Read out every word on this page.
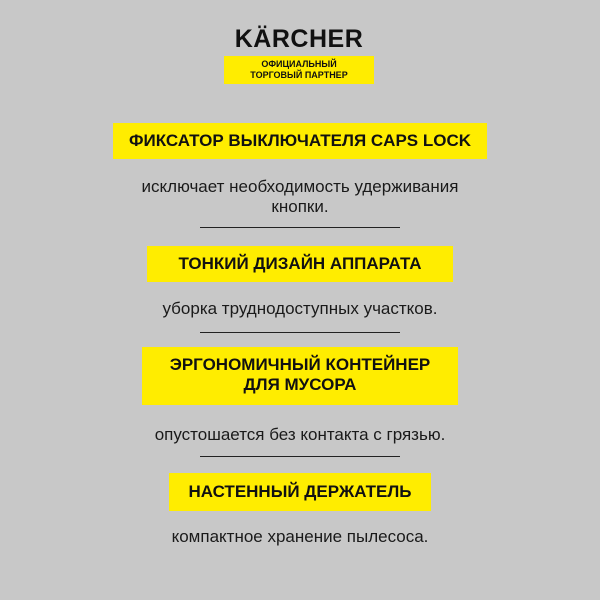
KÄRCHER
ОФИЦИАЛЬНЫЙ
ТОРГОВЫЙ ПАРТНЕР
ФИКСАТОР ВЫКЛЮЧАТЕЛЯ CAPS LOCK
исключает необходимость удерживания
кнопки.
ТОНКИЙ ДИЗАЙН АППАРАТА
уборка труднодоступных участков.
ЭРГОНОМИЧНЫЙ КОНТЕЙНЕР
ДЛЯ МУСОРА
опустошается без контакта с грязью.
НАСТЕННЫЙ ДЕРЖАТЕЛЬ
компактное хранение пылесоса.
